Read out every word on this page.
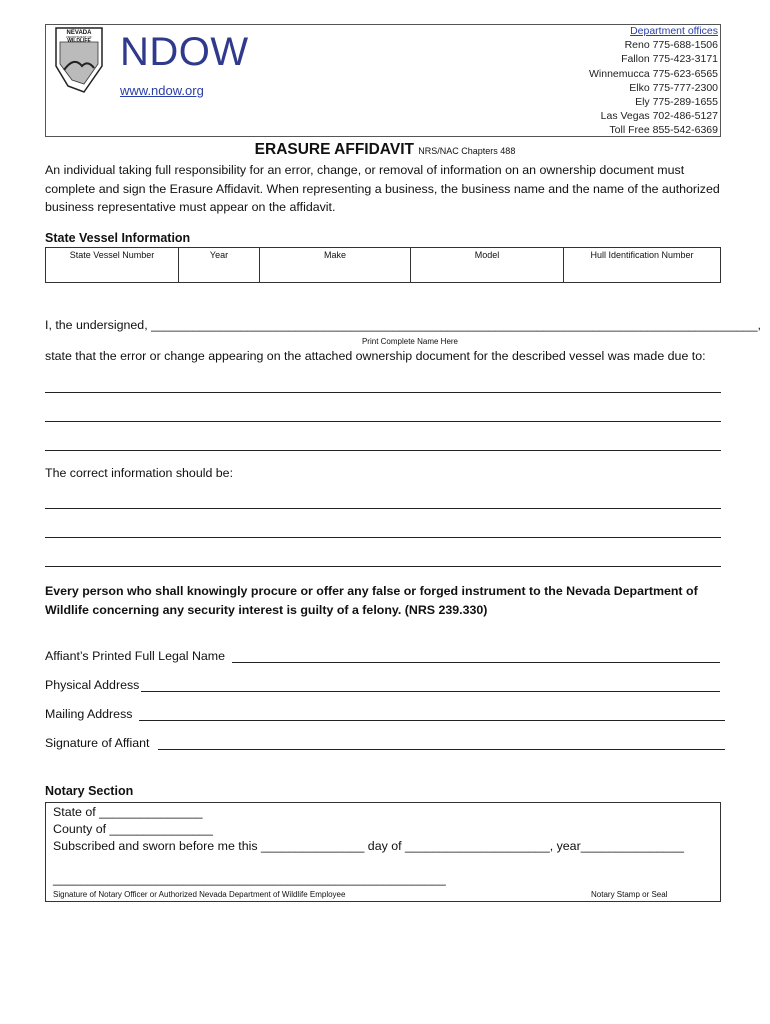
NEVADA
DEPARTMENT OF
WILDLIFE NDOW
www.ndow.org
Department offices
Reno 775-688-1506
Fallon 775-423-3171
Winnemucca 775-623-6565
Elko 775-777-2300
Ely 775-289-1655
Las Vegas 702-486-5127
Toll Free 855-542-6369
ERASURE AFFIDAVIT NRS/NAC Chapters 488
An individual taking full responsibility for an error, change, or removal of information on an ownership document must complete and sign the Erasure Affidavit. When representing a business, the business name and the name of the authorized business representative must appear on the affidavit.
State Vessel Information
State Vessel Number	Year	Make	Model	Hull Identification Number
I, the undersigned, ________________________________________________________________________________________,
Print Complete Name Here
state that the error or change appearing on the attached ownership document for the described vessel was made due to:
The correct information should be:
Every person who shall knowingly procure or offer any false or forged instrument to the Nevada Department of Wildlife concerning any security interest is guilty of a felony. (NRS 239.330)
Affiant’s Printed Full Legal Name
Physical Address
Mailing Address
Signature of Affiant
Notary Section
State of _______________
County of _______________
Subscribed and sworn before me this _______________ day of _____________________, year_______________
_________________________________________________________
Signature of Notary Officer or Authorized Nevada Department of Wildlife Employee	Notary Stamp or Seal
